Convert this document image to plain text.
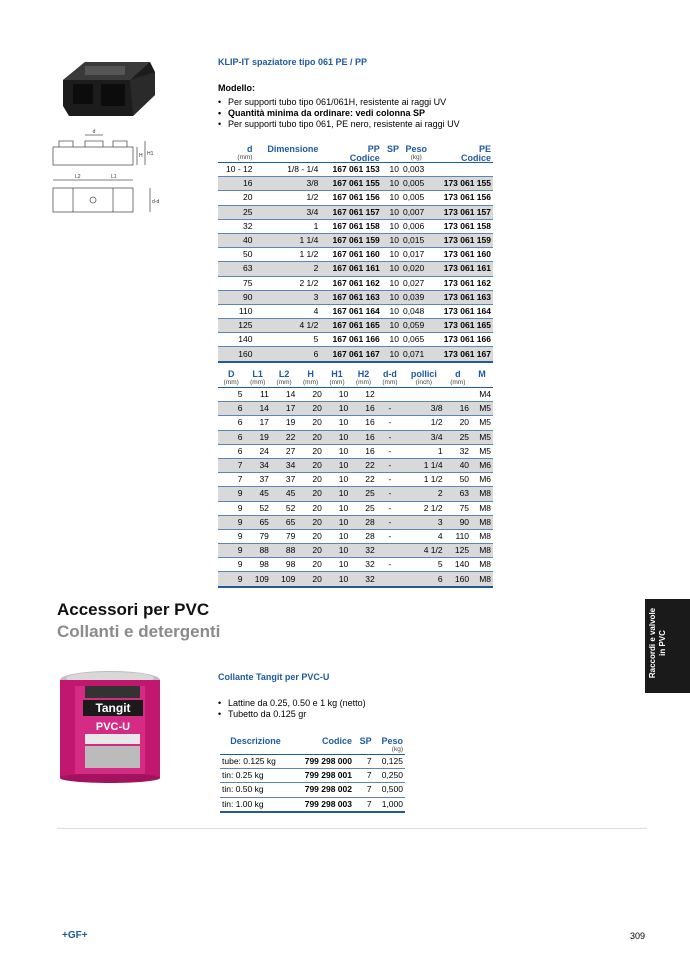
d
L2	L1
H H1
d-d
KLIP-IT spaziatore tipo 061 PE / PP
Modello:
• Per supporti tubo tipo 061/061H, resistente ai raggi UV
• Quantità minima da ordinare: vedi colonna SP
• Per supporti tubo tipo 061, PE nero, resistente ai raggi UV
d	Dimensione	PP	SP	Peso	PE
(mm)		Codice		(kg)	Codice
10 - 12	1/8 - 1/4	167 061 153	10	0,003	
16	3/8	167 061 155	10	0,005	173 061 155
20	1/2	167 061 156	10	0,005	173 061 156
25	3/4	167 061 157	10	0,007	173 061 157
32	1	167 061 158	10	0,006	173 061 158
40	1 1/4	167 061 159	10	0,015	173 061 159
50	1 1/2	167 061 160	10	0,017	173 061 160
63	2	167 061 161	10	0,020	173 061 161
75	2 1/2	167 061 162	10	0,027	173 061 162
90	3	167 061 163	10	0,039	173 061 163
110	4	167 061 164	10	0,048	173 061 164
125	4 1/2	167 061 165	10	0,059	173 061 165
140	5	167 061 166	10	0,065	173 061 166
160	6	167 061 167	10	0,071	173 061 167
D	L1	L2	H	H1	H2	d-d	pollici	d	M
(mm)	(mm)	(mm)	(mm)	(mm)	(mm)	(mm)	(inch)	(mm)	
5	11	14	20	10	12				M4
6	14	17	20	10	16	-	3/8	16	M5
6	17	19	20	10	16	-	1/2	20	M5
6	19	22	20	10	16	-	3/4	25	M5
6	24	27	20	10	16	-	1	32	M5
7	34	34	20	10	22	-	1 1/4	40	M6
7	37	37	20	10	22	-	1 1/2	50	M6
9	45	45	20	10	25	-	2	63	M8
9	52	52	20	10	25	-	2 1/2	75	M8
9	65	65	20	10	28	-	3	90	M8
9	79	79	20	10	28	-	4	110	M8
9	88	88	20	10	32		4 1/2	125	M8
9	98	98	20	10	32	-	5	140	M8
9	109	109	20	10	32		6	160	M8
Accessori per PVC
Collanti e detergenti	Raccordi e valvole in PVC
Tangit
PVC-U
Collante Tangit per PVC-U
• Lattine da 0.25, 0.50 e 1 kg (netto)
• Tubetto da 0.125 gr
Descrizione	Codice	SP	Peso
			(kg)
tube: 0.125 kg	799 298 000	7	0,125
tin: 0.25 kg	799 298 001	7	0,250
tin: 0.50 kg	799 298 002	7	0,500
tin: 1.00 kg	799 298 003	7	1,000
+GF+	309
